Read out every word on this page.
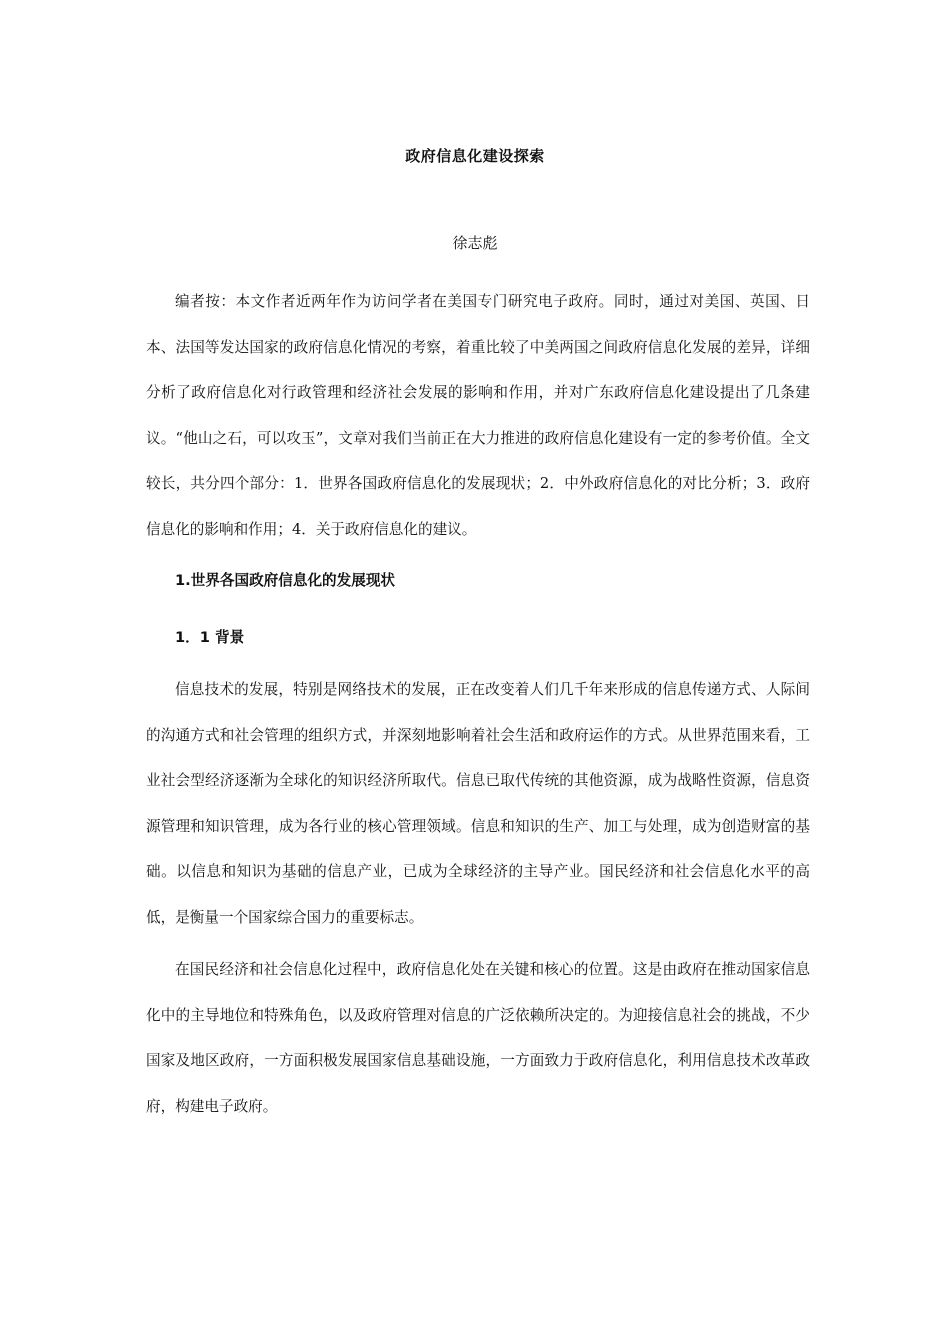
政府信息化建设探索
徐志彪

编者按：本文作者近两年作为访问学者在美国专门研究电子政府。同时，通过对美国、英国、日本、法国等发达国家的政府信息化情况的考察，着重比较了中美两国之间政府信息化发展的差异，详细分析了政府信息化对行政管理和经济社会发展的影响和作用，并对广东政府信息化建设提出了几条建议。“他山之石，可以攻玉”，文章对我们当前正在大力推进的政府信息化建设有一定的参考价值。全文较长，共分四个部分：1．世界各国政府信息化的发展现状；2．中外政府信息化的对比分析；3．政府信息化的影响和作用；4．关于政府信息化的建议。

1.世界各国政府信息化的发展现状
1．1 背景

信息技术的发展，特别是网络技术的发展，正在改变着人们几千年来形成的信息传递方式、人际间的沟通方式和社会管理的组织方式，并深刻地影响着社会生活和政府运作的方式。从世界范围来看，工业社会型经济逐渐为全球化的知识经济所取代。信息已取代传统的其他资源，成为战略性资源，信息资源管理和知识管理，成为各行业的核心管理领域。信息和知识的生产、加工与处理，成为创造财富的基础。以信息和知识为基础的信息产业，已成为全球经济的主导产业。国民经济和社会信息化水平的高低，是衡量一个国家综合国力的重要标志。

在国民经济和社会信息化过程中，政府信息化处在关键和核心的位置。这是由政府在推动国家信息化中的主导地位和特殊角色，以及政府管理对信息的广泛依赖所决定的。为迎接信息社会的挑战，不少国家及地区政府，一方面积极发展国家信息基础设施，一方面致力于政府信息化，利用信息技术改革政府，构建电子政府。
